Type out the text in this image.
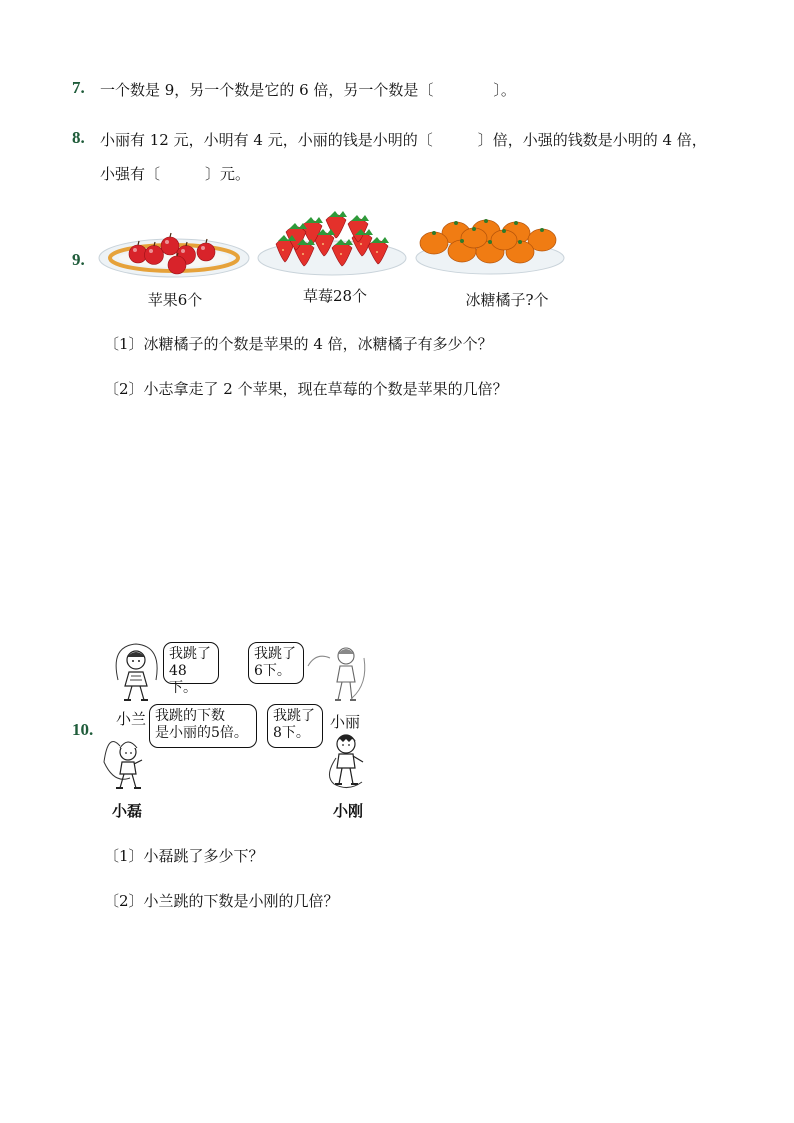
7. 一个数是 9，另一个数是它的 6 倍，另一个数是〔　　　　〕。
8. 小丽有 12 元，小明有 4 元，小丽的钱是小明的〔　　　〕倍，小强的钱数是小明的 4 倍，
小强有〔　　　〕元。
9.
苹果6个	草莓28个	冰糖橘子?个
〔1〕冰糖橘子的个数是苹果的 4 倍，冰糖橘子有多少个？
〔2〕小志拿走了 2 个苹果，现在草莓的个数是苹果的几倍？
10.
小兰
我跳了
48下。
我跳了
6下。
小丽
我跳的下数
是小丽的5倍。
我跳了
8下。
小磊	小刚
〔1〕小磊跳了多少下？
〔2〕小兰跳的下数是小刚的几倍？
